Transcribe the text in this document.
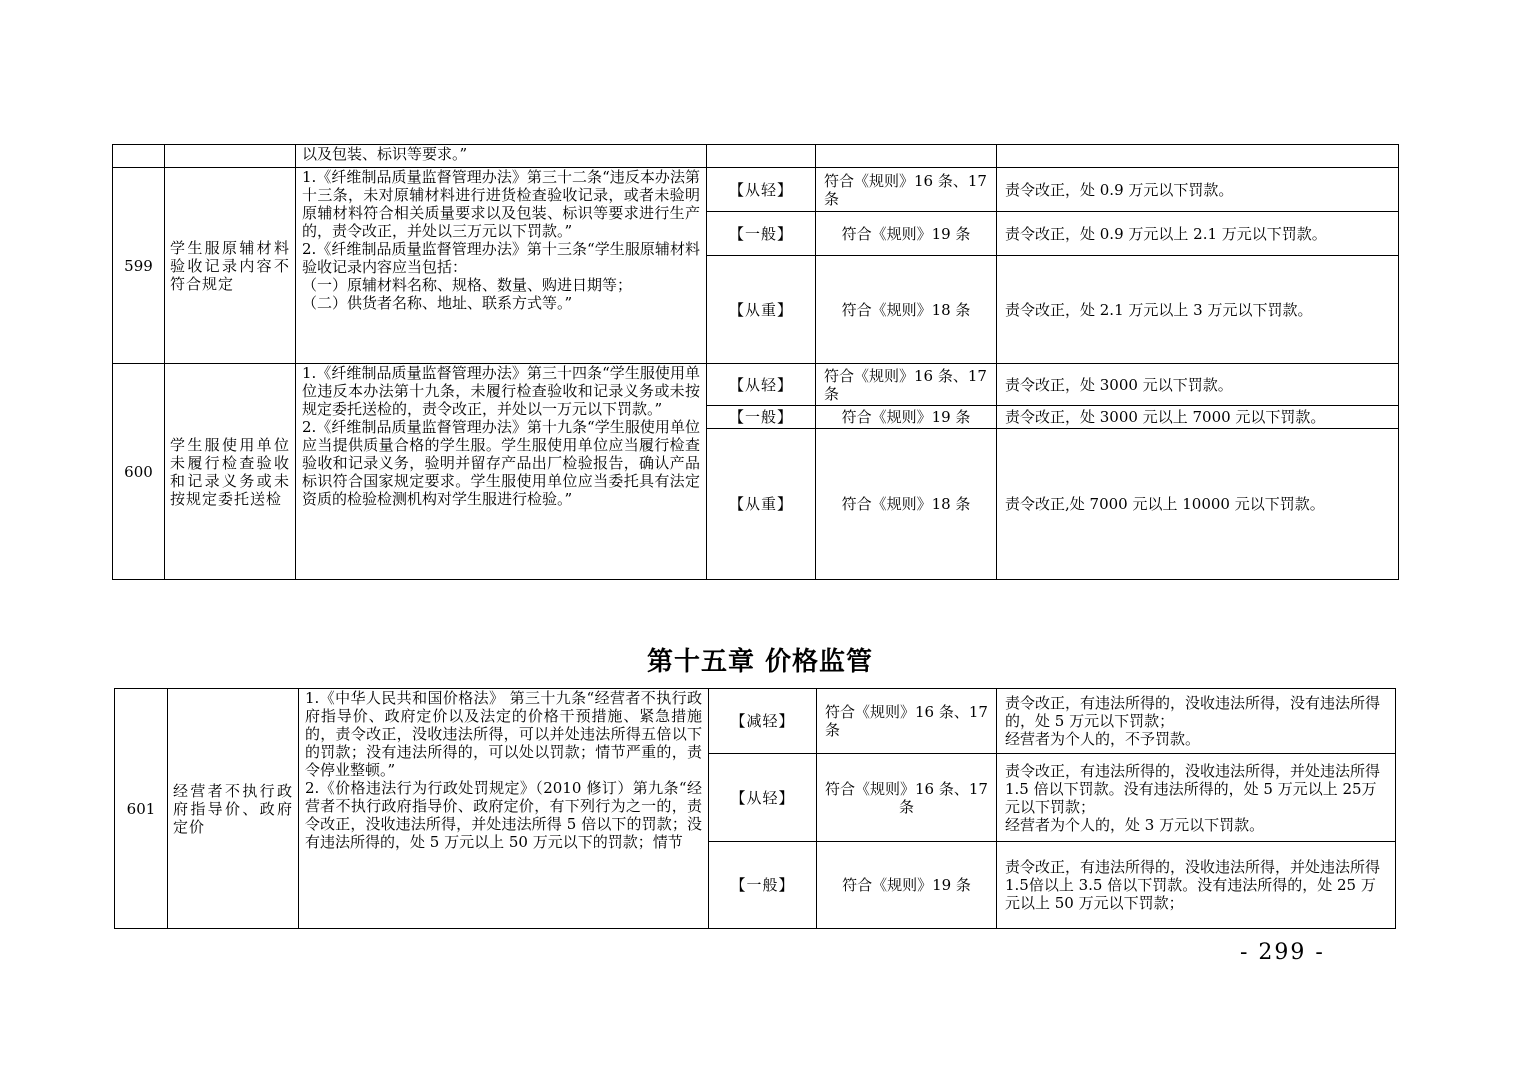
		以及包装、标识等要求。”			
599	学生服原辅材料验收记录内容不符合规定	1.《纤维制品质量监督管理办法》第三十二条“违反本办法第十三条，未对原辅材料进行进货检查验收记录，或者未验明原辅材料符合相关质量要求以及包装、标识等要求进行生产的，责令改正，并处以三万元以下罚款。”
2.《纤维制品质量监督管理办法》第十三条“学生服原辅材料验收记录内容应当包括：
（一）原辅材料名称、规格、数量、购进日期等；
（二）供货者名称、地址、联系方式等。”	【从轻】	符合《规则》16 条、17 条	责令改正，处 0.9 万元以下罚款。
			【一般】	符合《规则》19 条	责令改正，处 0.9 万元以上 2.1 万元以下罚款。
			【从重】	符合《规则》18 条	责令改正，处 2.1 万元以上 3 万元以下罚款。
600	学生服使用单位未履行检查验收和记录义务或未按规定委托送检	1.《纤维制品质量监督管理办法》第三十四条“学生服使用单位违反本办法第十九条，未履行检查验收和记录义务或未按规定委托送检的，责令改正，并处以一万元以下罚款。”
2.《纤维制品质量监督管理办法》第十九条“学生服使用单位应当提供质量合格的学生服。学生服使用单位应当履行检查验收和记录义务，验明并留存产品出厂检验报告，确认产品标识符合国家规定要求。学生服使用单位应当委托具有法定资质的检验检测机构对学生服进行检验。”	【从轻】	符合《规则》16 条、17 条	责令改正，处 3000 元以下罚款。
			【一般】	符合《规则》19 条	责令改正，处 3000 元以上 7000 元以下罚款。
			【从重】	符合《规则》18 条	责令改正,处 7000 元以上 10000 元以下罚款。
第十五章 价格监管
601	经营者不执行政府指导价、政府定价	1.《中华人民共和国价格法》 第三十九条“经营者不执行政府指导价、政府定价以及法定的价格干预措施、紧急措施的，责令改正，没收违法所得，可以并处违法所得五倍以下的罚款；没有违法所得的，可以处以罚款；情节严重的，责令停业整顿。”
2.《价格违法行为行政处罚规定》（2010 修订）第九条“经营者不执行政府指导价、政府定价，有下列行为之一的，责令改正，没收违法所得，并处违法所得 5 倍以下的罚款；没有违法所得的，处 5 万元以上 50 万元以下的罚款；情节	【减轻】	符合《规则》16 条、17 条	责令改正，有违法所得的，没收违法所得，没有违法所得的，处 5 万元以下罚款；
经营者为个人的，不予罚款。
			【从轻】	符合《规则》16 条、17 条	责令改正，有违法所得的，没收违法所得，并处违法所得 1.5 倍以下罚款。没有违法所得的，处 5 万元以上 25万元以下罚款；
经营者为个人的，处 3 万元以下罚款。
			【一般】	符合《规则》19 条	责令改正，有违法所得的，没收违法所得，并处违法所得 1.5倍以上 3.5 倍以下罚款。没有违法所得的，处 25 万元以上 50 万元以下罚款；
- 299 -
